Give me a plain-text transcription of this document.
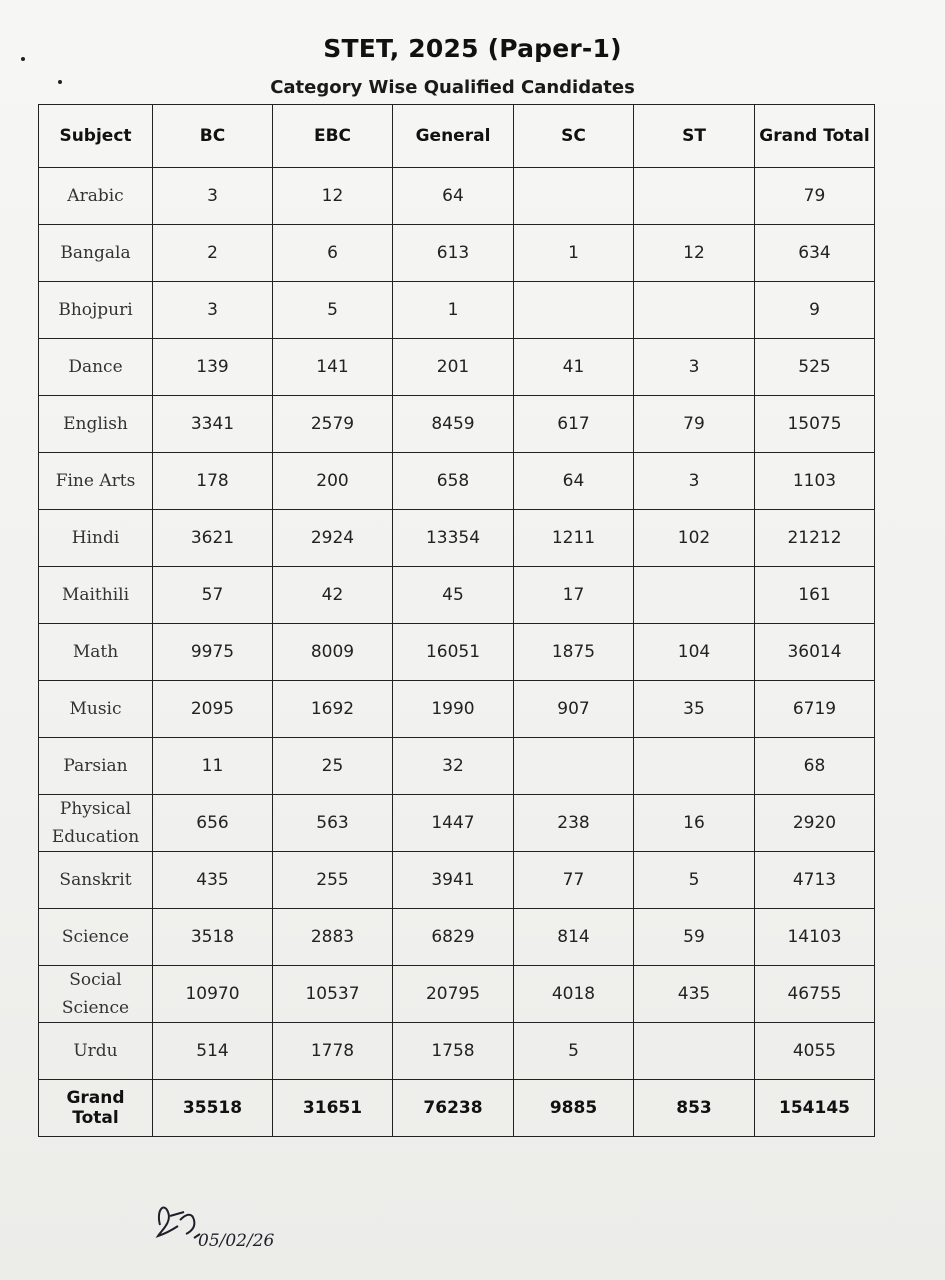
STET, 2025 (Paper-1)
Category Wise Qualified Candidates
Subject	BC	EBC	General	SC	ST	Grand Total
Arabic	3	12	64			79
Bangala	2	6	613	1	12	634
Bhojpuri	3	5	1			9
Dance	139	141	201	41	3	525
English	3341	2579	8459	617	79	15075
Fine Arts	178	200	658	64	3	1103
Hindi	3621	2924	13354	1211	102	21212
Maithili	57	42	45	17		161
Math	9975	8009	16051	1875	104	36014
Music	2095	1692	1990	907	35	6719
Parsian	11	25	32			68
Physical Education	656	563	1447	238	16	2920
Sanskrit	435	255	3941	77	5	4713
Science	3518	2883	6829	814	59	14103
Social Science	10970	10537	20795	4018	435	46755
Urdu	514	1778	1758	5		4055
Grand Total	35518	31651	76238	9885	853	154145
05/02/26
